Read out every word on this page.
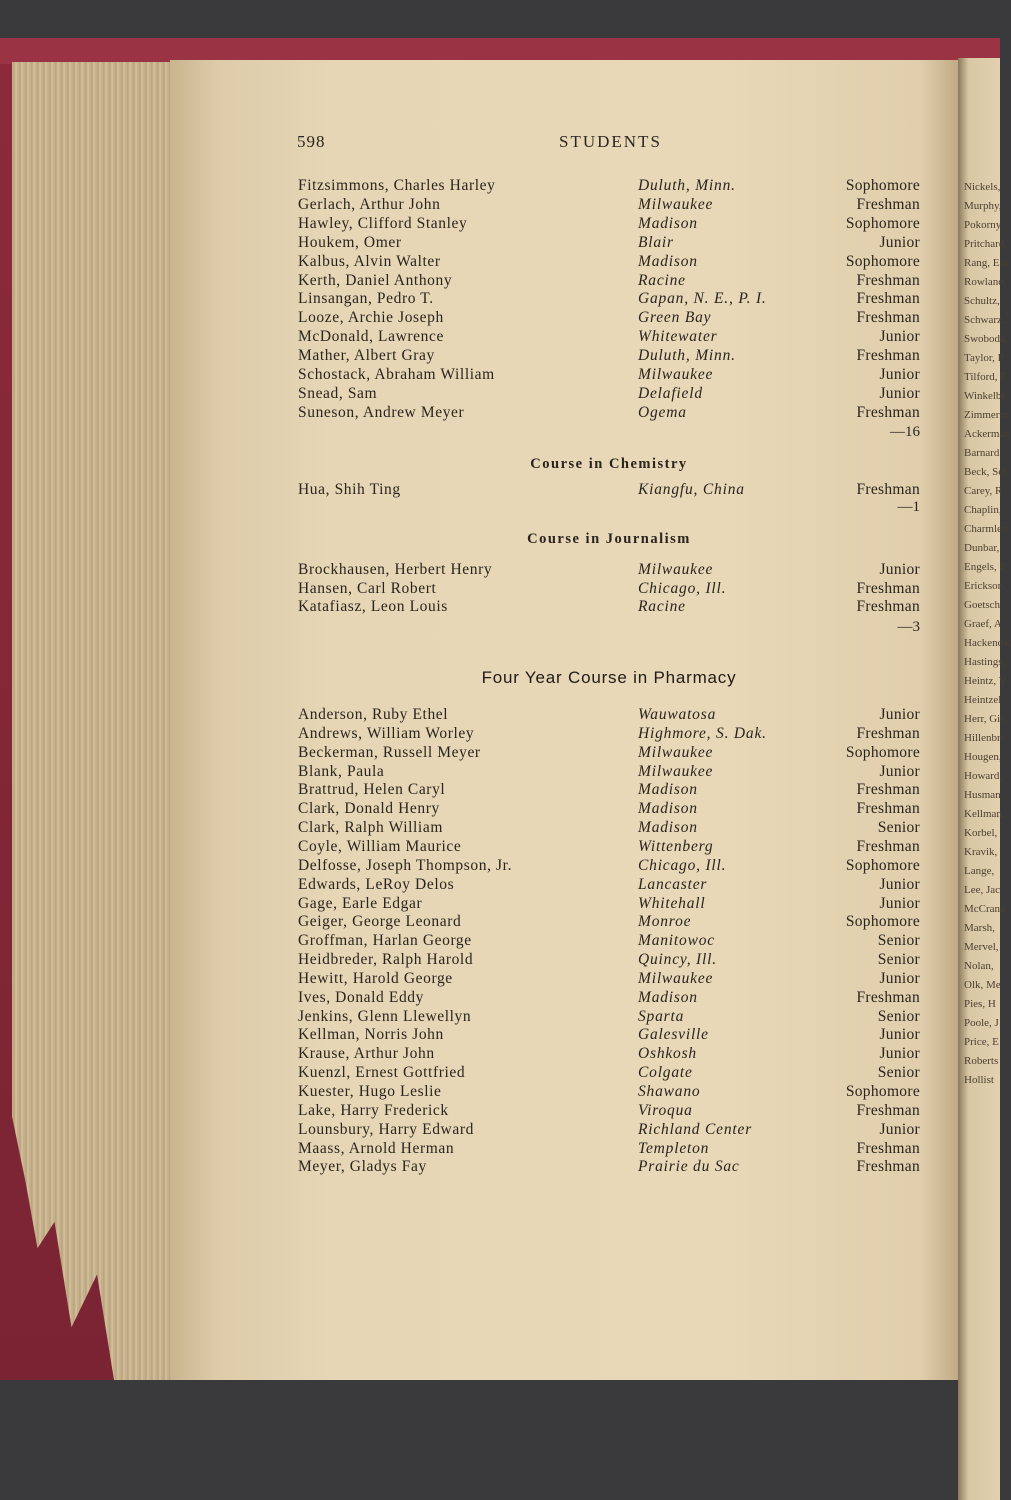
Nickels,
Murphy,
Pokorny,
Pritchard,
Rang, Ear
Rowland,
Schultz,
Schwarz,
Swoboda,
Taylor, P
Tilford, E
Winkelbl
Zimmerm
Ackerman
Barnard,
Beck, Sel
Carey, R
Chaplin,
Charmley
Dunbar,
Engels, F
Erickson,
Goetsch,
Graef, A
Hackendal
Hastings,
Heintz, V
Heintzel
Herr, Gil
Hillenbra
Hougen,
Howard,
Husman,
Kellman,
Korbel,
Kravik,
Lange,
Lee, Jac
McCrann
Marsh,
Mervel,
Nolan,
Olk, Me
Pies, H
Poole, J
Price, E
Roberts
Hollist
598	STUDENTS
Fitzsimmons, Charles Harley	Duluth, Minn.	Sophomore
Gerlach, Arthur John	Milwaukee	Freshman
Hawley, Clifford Stanley	Madison	Sophomore
Houkem, Omer	Blair	Junior
Kalbus, Alvin Walter	Madison	Sophomore
Kerth, Daniel Anthony	Racine	Freshman
Linsangan, Pedro T.	Gapan, N. E., P. I.	Freshman
Looze, Archie Joseph	Green Bay	Freshman
McDonald, Lawrence	Whitewater	Junior
Mather, Albert Gray	Duluth, Minn.	Freshman
Schostack, Abraham William	Milwaukee	Junior
Snead, Sam	Delafield	Junior
Suneson, Andrew Meyer	Ogema	Freshman
—16
Course in Chemistry
Hua, Shih Ting	Kiangfu, China	Freshman
—1
Course in Journalism
Brockhausen, Herbert Henry	Milwaukee	Junior
Hansen, Carl Robert	Chicago, Ill.	Freshman
Katafiasz, Leon Louis	Racine	Freshman
—3
Four Year Course in Pharmacy
Anderson, Ruby Ethel	Wauwatosa	Junior
Andrews, William Worley	Highmore, S. Dak.	Freshman
Beckerman, Russell Meyer	Milwaukee	Sophomore
Blank, Paula	Milwaukee	Junior
Brattrud, Helen Caryl	Madison	Freshman
Clark, Donald Henry	Madison	Freshman
Clark, Ralph William	Madison	Senior
Coyle, William Maurice	Wittenberg	Freshman
Delfosse, Joseph Thompson, Jr.	Chicago, Ill.	Sophomore
Edwards, LeRoy Delos	Lancaster	Junior
Gage, Earle Edgar	Whitehall	Junior
Geiger, George Leonard	Monroe	Sophomore
Groffman, Harlan George	Manitowoc	Senior
Heidbreder, Ralph Harold	Quincy, Ill.	Senior
Hewitt, Harold George	Milwaukee	Junior
Ives, Donald Eddy	Madison	Freshman
Jenkins, Glenn Llewellyn	Sparta	Senior
Kellman, Norris John	Galesville	Junior
Krause, Arthur John	Oshkosh	Junior
Kuenzl, Ernest Gottfried	Colgate	Senior
Kuester, Hugo Leslie	Shawano	Sophomore
Lake, Harry Frederick	Viroqua	Freshman
Lounsbury, Harry Edward	Richland Center	Junior
Maass, Arnold Herman	Templeton	Freshman
Meyer, Gladys Fay	Prairie du Sac	Freshman
